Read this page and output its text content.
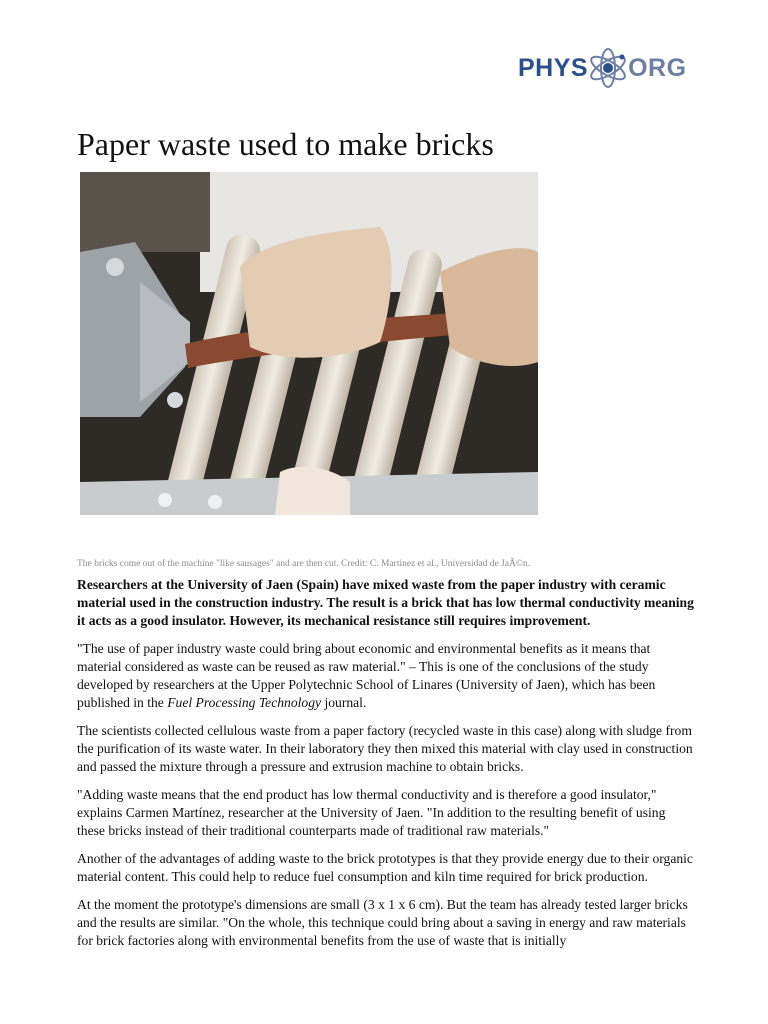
PHYS ORG
Paper waste used to make bricks
The bricks come out of the machine "like sausages" and are then cut. Credit: C. Martinez et al., Universidad de JaÃ©n.

Researchers at the University of Jaen (Spain) have mixed waste from the paper industry with ceramic material used in the construction industry. The result is a brick that has low thermal conductivity meaning it acts as a good insulator. However, its mechanical resistance still requires improvement.

"The use of paper industry waste could bring about economic and environmental benefits as it means that material considered as waste can be reused as raw material." – This is one of the conclusions of the study developed by researchers at the Upper Polytechnic School of Linares (University of Jaen), which has been published in the Fuel Processing Technology journal.

The scientists collected cellulous waste from a paper factory (recycled waste in this case) along with sludge from the purification of its waste water. In their laboratory they then mixed this material with clay used in construction and passed the mixture through a pressure and extrusion machine to obtain bricks.

"Adding waste means that the end product has low thermal conductivity and is therefore a good insulator," explains Carmen Martínez, researcher at the University of Jaen. "In addition to the resulting benefit of using these bricks instead of their traditional counterparts made of traditional raw materials."

Another of the advantages of adding waste to the brick prototypes is that they provide energy due to their organic material content. This could help to reduce fuel consumption and kiln time required for brick production.

At the moment the prototype's dimensions are small (3 x 1 x 6 cm). But the team has already tested larger bricks and the results are similar. "On the whole, this technique could bring about a saving in energy and raw materials for brick factories along with environmental benefits from the use of waste that is initially
